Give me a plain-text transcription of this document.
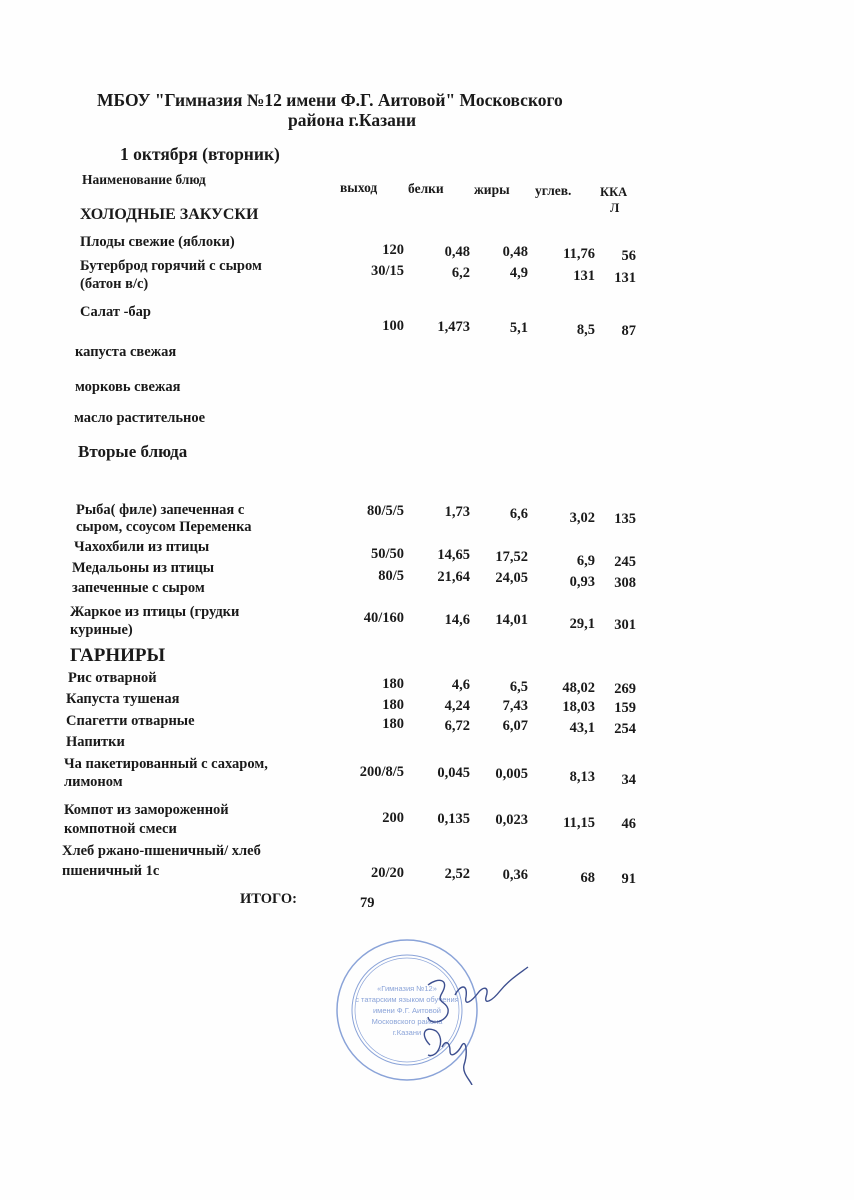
МБОУ "Гимназия №12 имени Ф.Г. Аитовой" Московского
района г.Казани
1 октября (вторник)
Наименование блюд
выход белки жиры углев. ККА
Л
ХОЛОДНЫЕ ЗАКУСКИ
Плоды свежие (яблоки)	120	0,48	0,48	11,76	56
Бутерброд горячий с сыром
(батон в/с)
30/15	6,2	4,9	131	131
Салат -бар
100	1,473	5,1	8,5	87
капуста свежая
морковь свежая
масло растительное
Вторые блюда
Рыба( филе) запеченная с
сыром, ссоусом Переменка
80/5/5	1,73	6,6	3,02	135
Чахохбили из птицы	50/50	14,65	17,52	6,9	245
Медальоны из птицы
запеченные с сыром
80/5	21,64	24,05	0,93	308
Жаркое из птицы (грудки
куриные)
40/160	14,6	14,01	29,1	301
ГАРНИРЫ
Рис отварной	180	4,6	6,5	48,02	269
Капуста тушеная	180	4,24	7,43	18,03	159
Спагетти отварные	180	6,72	6,07	43,1	254
Напитки
Ча пакетированный с сахаром,
лимоном
200/8/5	0,045	0,005	8,13	34
Компот из замороженной
компотной смеси
200	0,135	0,023	11,15	46
Хлеб ржано-пшеничный/ хлеб
пшеничный 1с	20/20	2,52	0,36	68	91
ИТОГО:	79
«Гимназия №12»
с татарским языком обучения
имени Ф.Г. Аитовой
Московского района
г.Казани
